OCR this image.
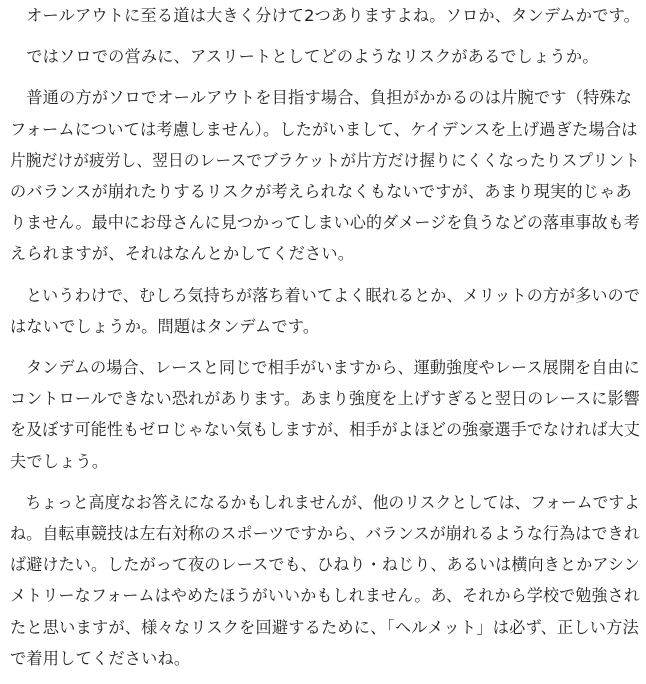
オールアウトに至る道は大きく分けて2つありますよね。ソロか、タンデムかです。

ではソロでの営みに、アスリートとしてどのようなリスクがあるでしょうか。

普通の方がソロでオールアウトを目指す場合、負担がかかるのは片腕です（特殊な
フォームについては考慮しません）。したがいまして、ケイデンスを上げ過ぎた場合は
片腕だけが疲労し、翌日のレースでブラケットが片方だけ握りにくくなったりスプリント
のバランスが崩れたりするリスクが考えられなくもないですが、あまり現実的じゃあ
りません。最中にお母さんに見つかってしまい心的ダメージを負うなどの落車事故も考
えられますが、それはなんとかしてください。

というわけで、むしろ気持ちが落ち着いてよく眠れるとか、メリットの方が多いので
はないでしょうか。問題はタンデムです。

タンデムの場合、レースと同じで相手がいますから、運動強度やレース展開を自由に
コントロールできない恐れがあります。あまり強度を上げすぎると翌日のレースに影響
を及ぼす可能性もゼロじゃない気もしますが、相手がよほどの強豪選手でなければ大丈
夫でしょう。

ちょっと高度なお答えになるかもしれませんが、他のリスクとしては、フォームですよ
ね。自転車競技は左右対称のスポーツですから、バランスが崩れるような行為はできれ
ば避けたい。したがって夜のレースでも、ひねり・ねじり、あるいは横向きとかアシン
メトリーなフォームはやめたほうがいいかもしれません。あ、それから学校で勉強され
たと思いますが、様々なリスクを回避するために、「ヘルメット」は必ず、正しい方法
で着用してくださいね。
